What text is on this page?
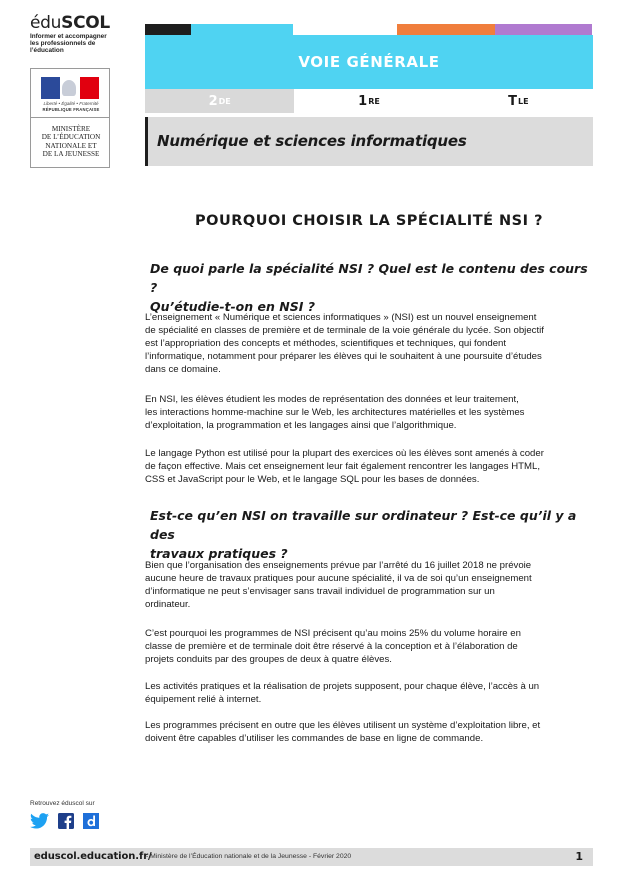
éduSCOL
Informer et accompagner
les professionnels de l’éducation
Liberté • Égalité • Fraternité
RÉPUBLIQUE FRANÇAISE
MINISTÈRE
DE L’ÉDUCATION
NATIONALE ET
DE LA JEUNESSE
VOIE GÉNÉRALE
2 DE	1 RE	T LE
Numérique et sciences informatiques
POURQUOI CHOISIR LA SPÉCIALITÉ NSI ?
De quoi parle la spécialité NSI ? Quel est le contenu des cours ?
Qu’étudie-t-on en NSI ?
L’enseignement « Numérique et sciences informatiques » (NSI) est un nouvel enseignement
de spécialité en classes de première et de terminale de la voie générale du lycée. Son objectif
est l’appropriation des concepts et méthodes, scientifiques et techniques, qui fondent
l’informatique, notamment pour préparer les élèves qui le souhaitent à une poursuite d’études
dans ce domaine.
En NSI, les élèves étudient les modes de représentation des données et leur traitement,
les interactions homme-machine sur le Web, les architectures matérielles et les systèmes
d’exploitation, la programmation et les langages ainsi que l’algorithmique.
Le langage Python est utilisé pour la plupart des exercices où les élèves sont amenés à coder
de façon effective. Mais cet enseignement leur fait également rencontrer les langages HTML,
CSS et JavaScript pour le Web, et le langage SQL pour les bases de données.
Est-ce qu’en NSI on travaille sur ordinateur ? Est-ce qu’il y a des
travaux pratiques ?
Bien que l’organisation des enseignements prévue par l’arrêté du 16 juillet 2018 ne prévoie
aucune heure de travaux pratiques pour aucune spécialité, il va de soi qu’un enseignement
d’informatique ne peut s’envisager sans travail individuel de programmation sur un
ordinateur.
C’est pourquoi les programmes de NSI précisent qu’au moins 25% du volume horaire en
classe de première et de terminale doit être réservé à la conception et à l’élaboration de
projets conduits par des groupes de deux à quatre élèves.
Les activités pratiques et la réalisation de projets supposent, pour chaque élève, l’accès à un
équipement relié à internet.
Les programmes précisent en outre que les élèves utilisent un système d’exploitation libre, et
doivent être capables d’utiliser les commandes de base en ligne de commande.
Retrouvez éduscol sur
eduscol.education.fr/
- Ministère de l’Éducation nationale et de la Jeunesse - Février 2020	1
